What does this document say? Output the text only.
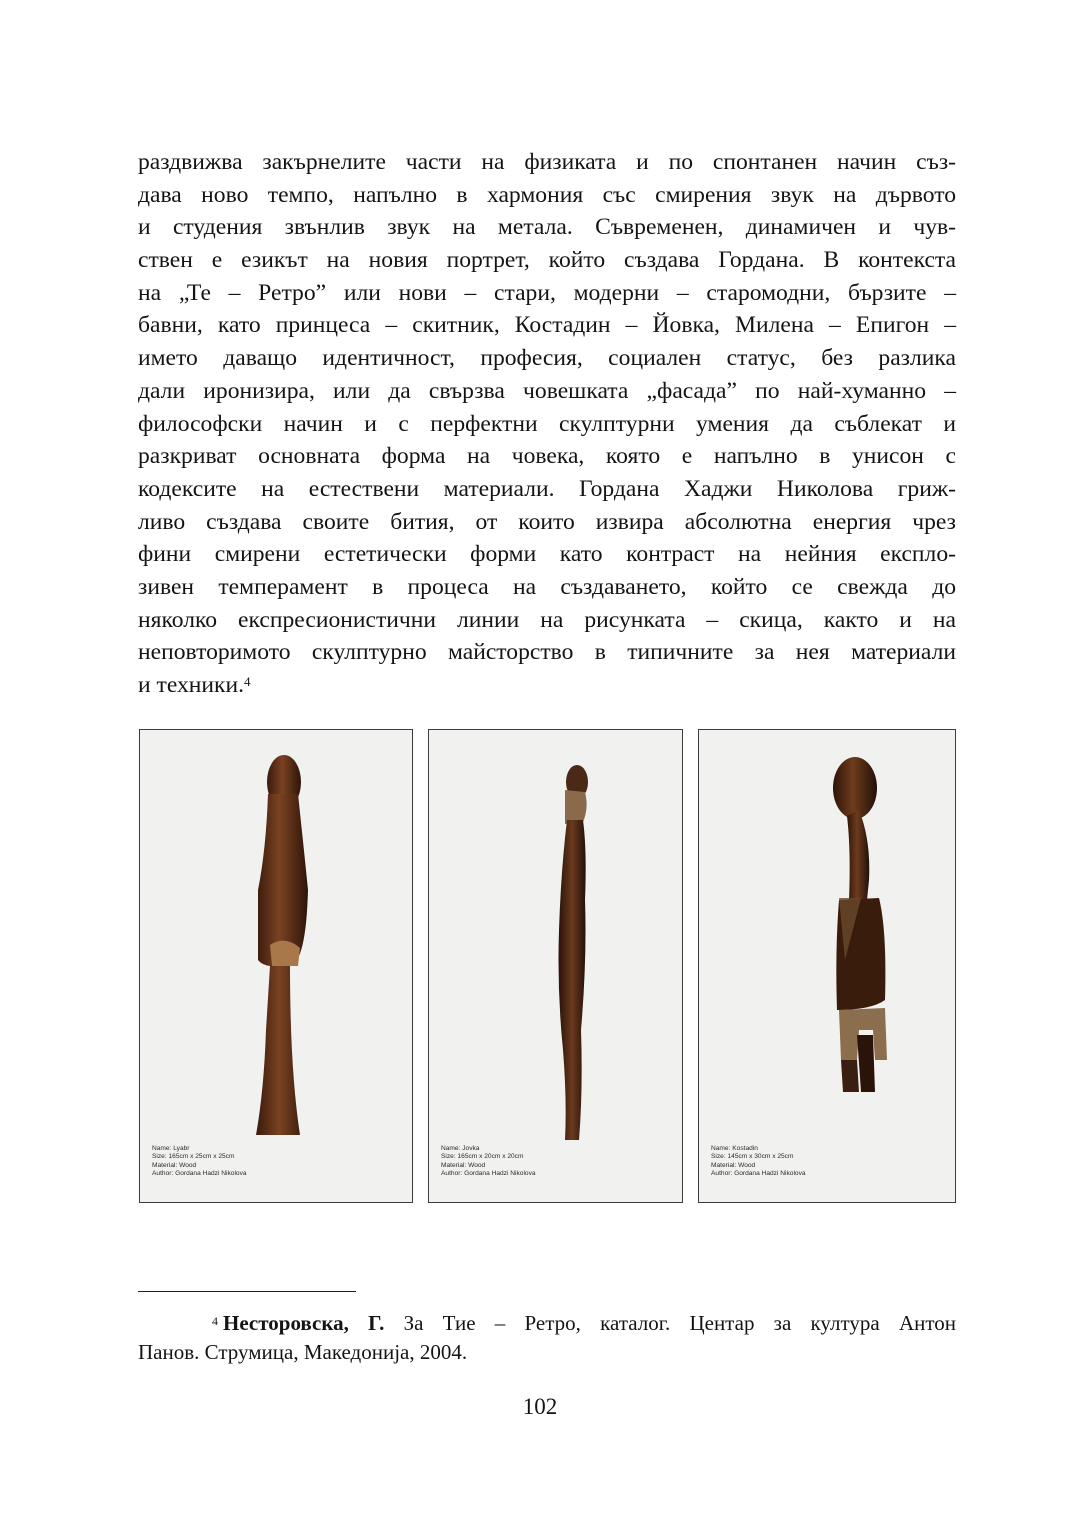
раздвижва закърнелите части на физиката и по спонтанен начин съз-
дава ново темпо, напълно в хармония със смирения звук на дървото
и студения звънлив звук на метала. Съвременен, динамичен и чув-
ствен е езикът на новия портрет, който създава Гордана. В контекста
на „Те – Ретро” или нови – стари, модерни – старомодни, бързите –
бавни, като принцеса – скитник, Костадин – Йовка, Милена – Епигон –
името даващо идентичност, професия, социален статус, без разлика
дали иронизира, или да свързва човешката „фасада” по най-хуманно –
философски начин и с перфектни скулптурни умения да съблекат и
разкриват основната форма на човека, която е напълно в унисон с
кодексите на естествени материали. Гордана Хаджи Николова гриж-
ливо създава своите бития, от които извира абсолютна енергия чрез
фини смирени естетически форми като контраст на нейния експло-
зивен темперамент в процеса на създаването, който се свежда до
няколко експресионистични линии на рисунката – скица, както и на
неповторимото скулптурно майсторство в типичните за нея материали
и техники.$^4$
Name: Lyabr
Size: 165cm x 25cm x 25cm
Material: Wood
Author: Gordana Hadzi Nikolova
Name: Jovka
Size: 165cm x 20cm x 20cm
Material: Wood
Author: Gordana Hadzi Nikolova
Name: Kostadin
Size: 145cm x 30cm x 25cm
Material: Wood
Author: Gordana Hadzi Nikolova
$^4$ Несторовска, Г. За Тие – Ретро, каталог. Центар за култура Антон
Панов. Струмица, Македонија, 2004.
102
